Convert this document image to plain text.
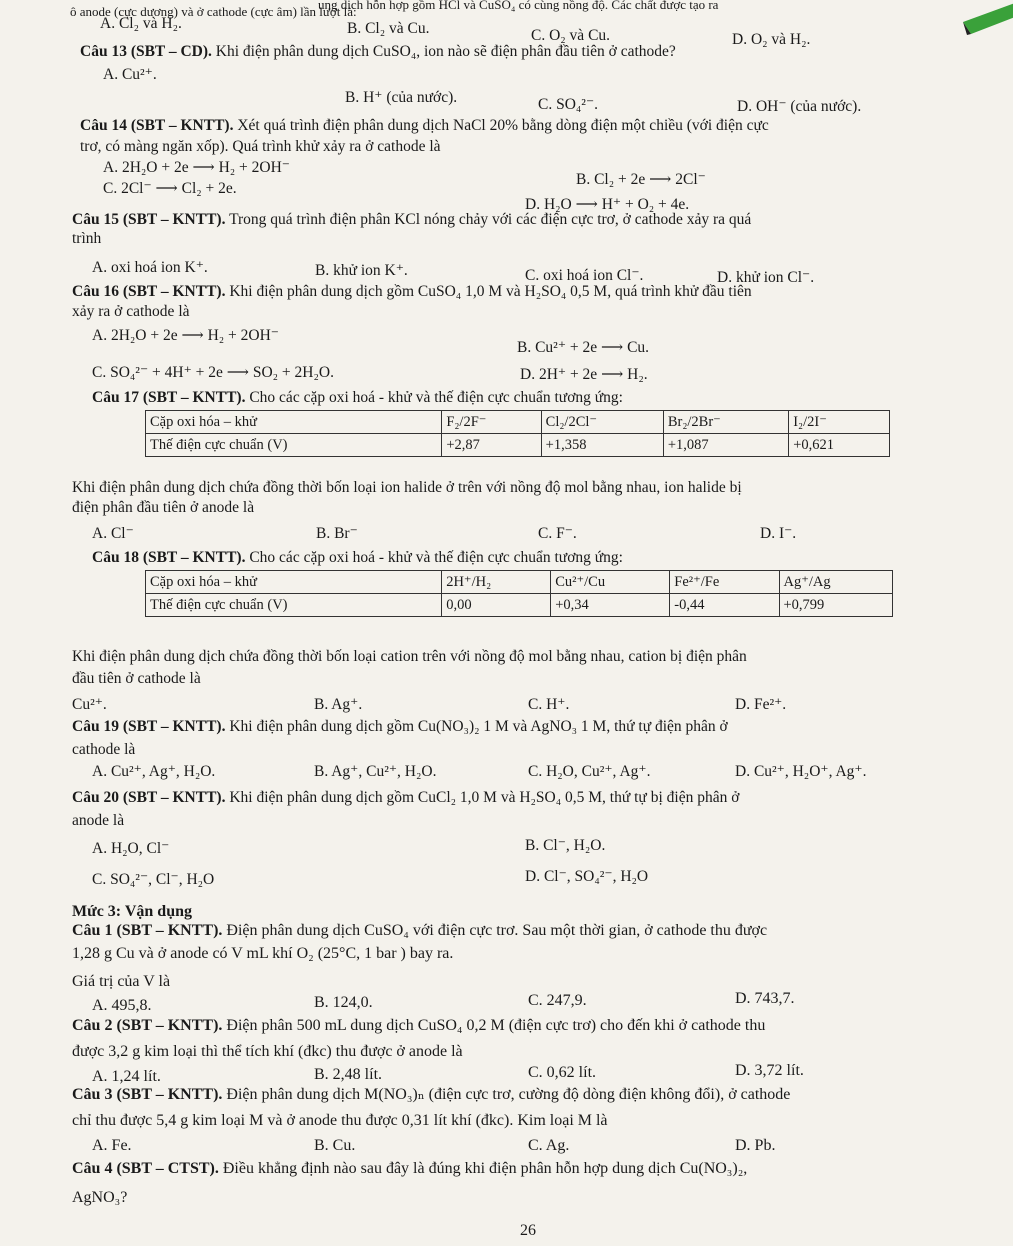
ô anode (cực dương) và ở cathode (cực âm) lần lượt là:
ung dịch hỗn hợp gồm HCl và CuSO₄ có cùng nồng độ. Các chất được tạo ra
A. Cl₂ và H₂.	B. Cl₂ và Cu.	C. O₂ và Cu.	D. O₂ và H₂.
Câu 13 (SBT – CD). Khi điện phân dung dịch CuSO₄, ion nào sẽ điện phân đầu tiên ở cathode?
A. Cu²⁺.
B. H⁺ (của nước).	C. SO₄²⁻.	D. OH⁻ (của nước).
Câu 14 (SBT – KNTT). Xét quá trình điện phân dung dịch NaCl 20% bằng dòng điện một chiều (với điện cực
trơ, có màng ngăn xốp). Quá trình khử xảy ra ở cathode là
A. 2H₂O + 2e ⟶ H₂ + 2OH⁻
B. Cl₂ + 2e ⟶ 2Cl⁻
C. 2Cl⁻ ⟶ Cl₂ + 2e.
D. H₂O ⟶ H⁺ + O₂ + 4e.
Câu 15 (SBT – KNTT). Trong quá trình điện phân KCl nóng chảy với các điện cực trơ, ở cathode xảy ra quá
trình
A. oxi hoá ion K⁺.	B. khử ion K⁺.	C. oxi hoá ion Cl⁻.	D. khử ion Cl⁻.
Câu 16 (SBT – KNTT). Khi điện phân dung dịch gồm CuSO₄ 1,0 M và H₂SO₄ 0,5 M, quá trình khử đầu tiên
xảy ra ở cathode là
A. 2H₂O + 2e ⟶ H₂ + 2OH⁻
B. Cu²⁺ + 2e ⟶ Cu.
C. SO₄²⁻ + 4H⁺ + 2e ⟶ SO₂ + 2H₂O.	D. 2H⁺ + 2e ⟶ H₂.
Câu 17 (SBT – KNTT). Cho các cặp oxi hoá - khử và thế điện cực chuẩn tương ứng:
Cặp oxi hóa – khử	F₂/2F⁻	Cl₂/2Cl⁻	Br₂/2Br⁻	I₂/2I⁻
Thế điện cực chuẩn (V)	+2,87	+1,358	+1,087	+0,621
Khi điện phân dung dịch chứa đồng thời bốn loại ion halide ở trên với nồng độ mol bằng nhau, ion halide bị
điện phân đầu tiên ở anode là
A. Cl⁻	B. Br⁻	C. F⁻.	D. I⁻.
Câu 18 (SBT – KNTT). Cho các cặp oxi hoá - khử và thế điện cực chuẩn tương ứng:
Cặp oxi hóa – khử	2H⁺/H₂	Cu²⁺/Cu	Fe²⁺/Fe	Ag⁺/Ag
Thế điện cực chuẩn (V)	0,00	+0,34	-0,44	+0,799
Khi điện phân dung dịch chứa đồng thời bốn loại cation trên với nồng độ mol bằng nhau, cation bị điện phân
đầu tiên ở cathode là
Cu²⁺.	B. Ag⁺.	C. H⁺.	D. Fe²⁺.
Câu 19 (SBT – KNTT). Khi điện phân dung dịch gồm Cu(NO₃)₂ 1 M và AgNO₃ 1 M, thứ tự điện phân ở
cathode là
A. Cu²⁺, Ag⁺, H₂O.	B. Ag⁺, Cu²⁺, H₂O.	C. H₂O, Cu²⁺, Ag⁺.	D. Cu²⁺, H₂O⁺, Ag⁺.
Câu 20 (SBT – KNTT). Khi điện phân dung dịch gồm CuCl₂ 1,0 M và H₂SO₄ 0,5 M, thứ tự bị điện phân ở
anode là
A. H₂O, Cl⁻	B. Cl⁻, H₂O.
C. SO₄²⁻, Cl⁻, H₂O	D. Cl⁻, SO₄²⁻, H₂O
Mức 3: Vận dụng
Câu 1 (SBT – KNTT). Điện phân dung dịch CuSO₄ với điện cực trơ. Sau một thời gian, ở cathode thu được
1,28 g Cu và ở anode có V mL khí O₂ (25°C, 1 bar ) bay ra.
Giá trị của V là
A. 495,8.	B. 124,0.	C. 247,9.	D. 743,7.
Câu 2 (SBT – KNTT). Điện phân 500 mL dung dịch CuSO₄ 0,2 M (điện cực trơ) cho đến khi ở cathode thu
được 3,2 g kim loại thì thể tích khí (đkc) thu được ở anode là
A. 1,24 lít.	B. 2,48 lít.	C. 0,62 lít.	D. 3,72 lít.
Câu 3 (SBT – KNTT). Điện phân dung dịch M(NO₃)ₙ (điện cực trơ, cường độ dòng điện không đổi), ở cathode
chỉ thu được 5,4 g kim loại M và ở anode thu được 0,31 lít khí (đkc). Kim loại M là
A. Fe.	B. Cu.	C. Ag.	D. Pb.
Câu 4 (SBT – CTST). Điều khẳng định nào sau đây là đúng khi điện phân hỗn hợp dung dịch Cu(NO₃)₂,
AgNO₃?
26
